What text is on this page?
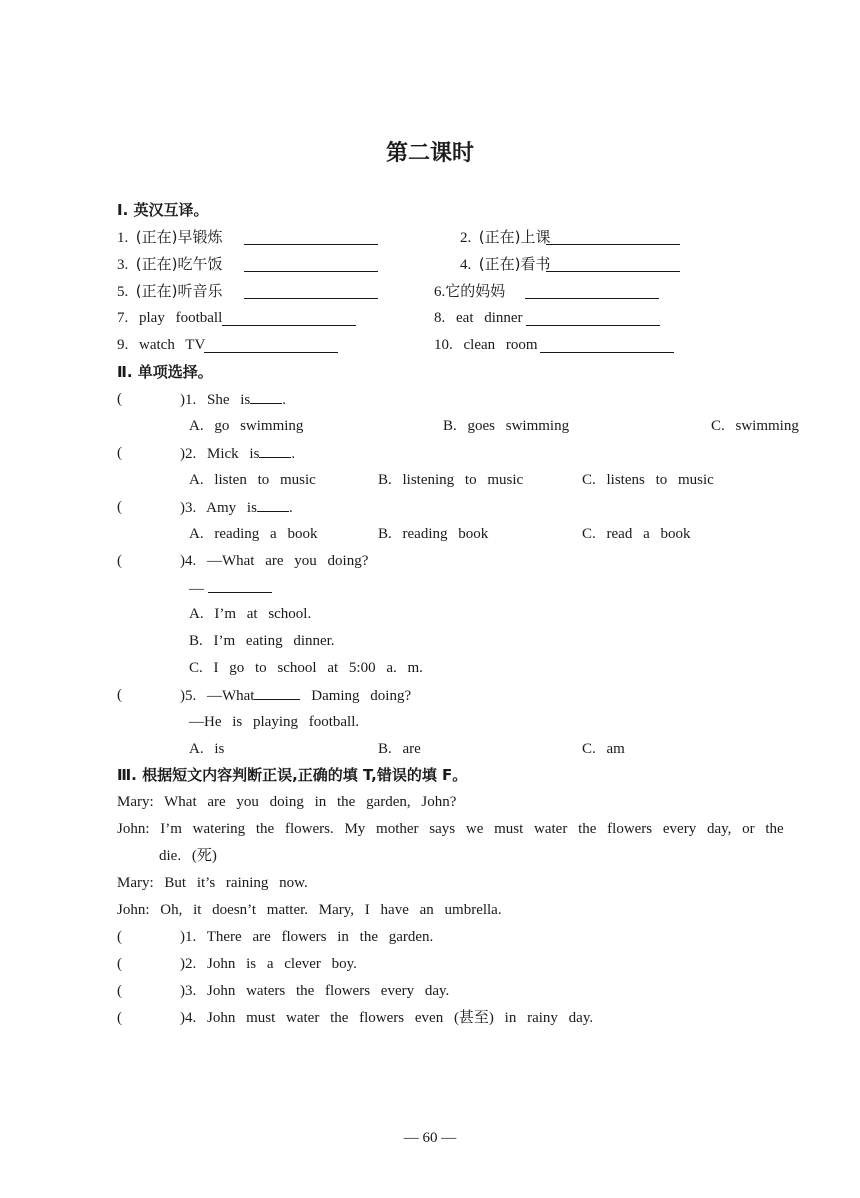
第二课时
Ⅰ. 英汉互译。
1. (正在)早锻炼	2. (正在)上课
3. (正在)吃午饭	4. (正在)看书
5. (正在)听音乐	6.它的妈妈
7. play football	8. eat dinner
9. watch TV	10. clean room
Ⅱ. 单项选择。
(	)1. She is .
A. go swimming	B. goes swimming	C. swimming
(	)2. Mick is .
A. listen to music	B. listening to music	C. listens to music
(	)3. Amy is .
A. reading a book	B. reading book	C. read a book
(	)4. —What are you doing?
—
A. I’m at school.
B. I’m eating dinner.
C. I go to school at 5:00 a. m.
(	)5. —What	Daming doing?
—He is playing football.
A. is	B. are	C. am
Ⅲ. 根据短文内容判断正误,正确的填 T,错误的填 F。
Mary: What are you doing in the garden, John?
John: I’m watering the flowers. My mother says we must water the flowers every day, or the
die. (死)
Mary: But it’s raining now.
John: Oh, it doesn’t matter. Mary, I have an umbrella.
(	)1. There are flowers in the garden.
(	)2. John is a clever boy.
(	)3. John waters the flowers every day.
(	)4. John must water the flowers even (甚至) in rainy day.
— 60 —
